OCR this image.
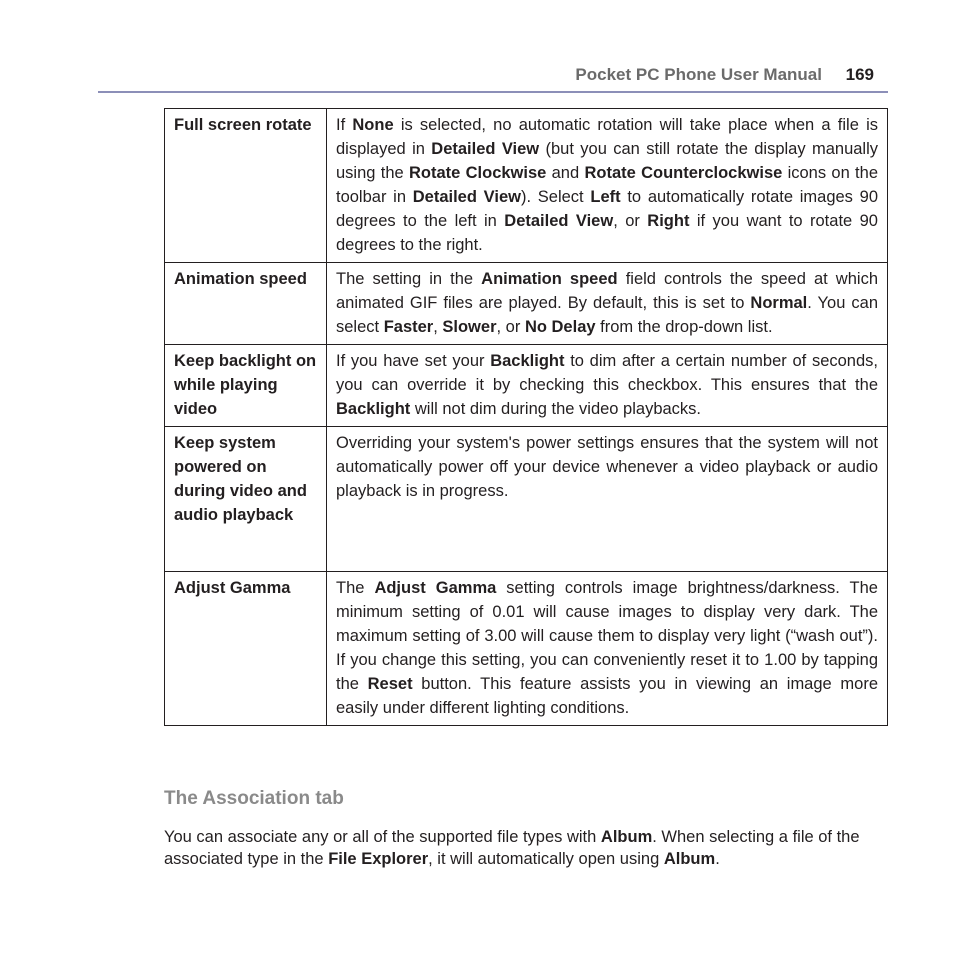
Pocket PC Phone User Manual 169
Full screen rotate	If None is selected, no automatic rotation will take place when a file is displayed in Detailed View (but you can still rotate the display manually using the Rotate Clockwise and Rotate Counterclockwise icons on the toolbar in Detailed View). Select Left to automatically rotate images 90 degrees to the left in Detailed View, or Right if you want to rotate 90 degrees to the right.
Animation speed	The setting in the Animation speed field controls the speed at which animated GIF files are played. By default, this is set to Normal. You can select Faster, Slower, or No Delay from the drop-down list.
Keep backlight on while playing video	If you have set your Backlight to dim after a certain number of seconds, you can override it by checking this checkbox. This ensures that the Backlight will not dim during the video playbacks.
Keep system powered on during video and audio playback	Overriding your system's power settings ensures that the system will not automatically power off your device whenever a video playback or audio playback is in progress.
Adjust Gamma	The Adjust Gamma setting controls image brightness/darkness. The minimum setting of 0.01 will cause images to display very dark. The maximum setting of 3.00 will cause them to display very light (“wash out”). If you change this setting, you can conveniently reset it to 1.00 by tapping the Reset button. This feature assists you in viewing an image more easily under different lighting conditions.
The Association tab
You can associate any or all of the supported file types with Album. When selecting a file of the associated type in the File Explorer, it will automatically open using Album.
